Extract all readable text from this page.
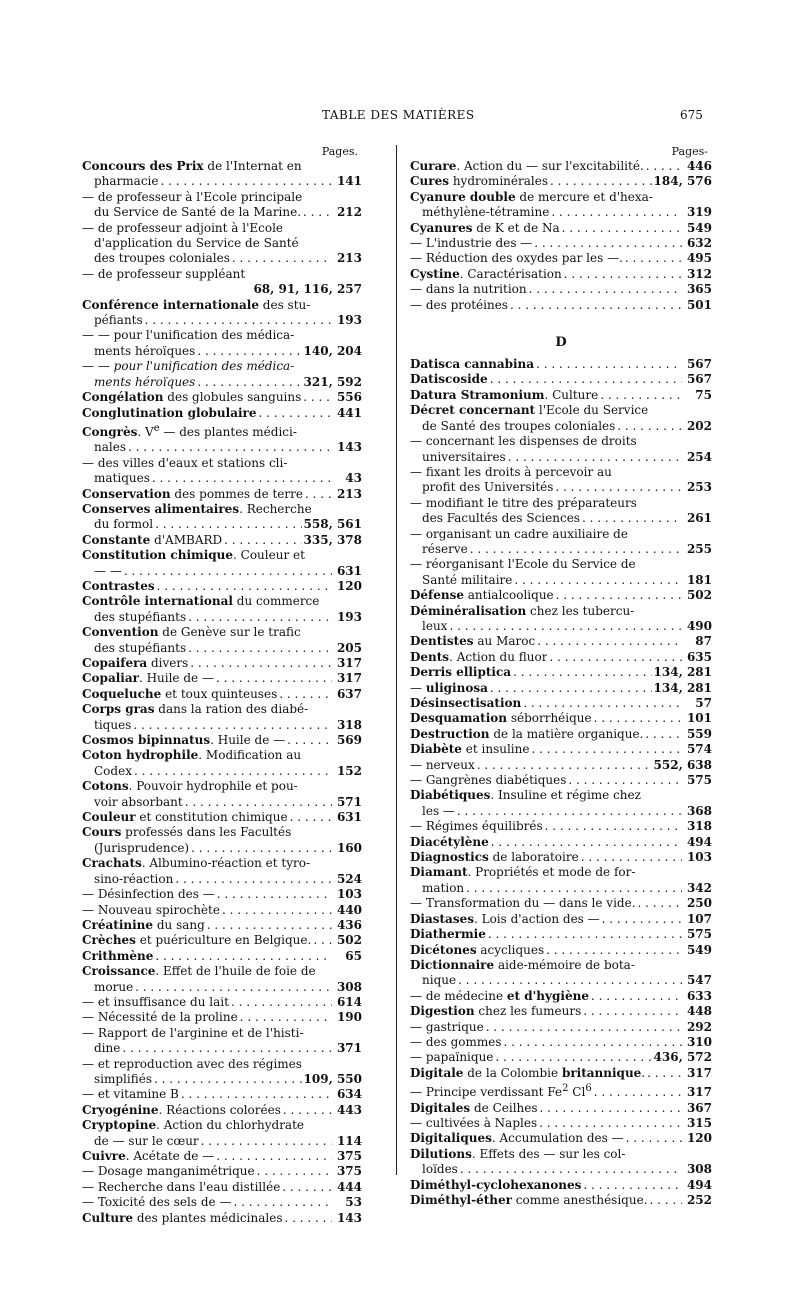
TABLE DES MATIÈRES	675
Pages.
Concours des Prix de l'Internat en
pharmacie . . .	141
— de professeur à l'Ecole principale
du Service de Santé de la Marine. . . .	212
— de professeur adjoint à l'Ecole
d'application du Service de Santé
des troupes coloniales . . .	213
— de professeur suppléant
68, 91, 116, 257
Conférence internationale des stu-
péfiants . . .	193
— — pour l'unification des médica-
ments héroïques . . .	140, 204
— — pour l'unification des médica-
ments héroïques . . .	321, 592
Congélation des globules sanguins . . .	556
Conglutination globulaire . . .	441
Congrès. Ve — des plantes médici-
nales . . .	143
— des villes d'eaux et stations cli-
matiques . . .	43
Conservation des pommes de terre . . .	213
Conserves alimentaires. Recherche
du formol . . .	558, 561
Constante d'AMBARD . . .	335, 378
Constitution chimique. Couleur et
— — . . .	631
Contrastes . . .	120
Contrôle international du commerce
des stupéfiants . . .	193
Convention de Genève sur le trafic
des stupéfiants . . .	205
Copaifera divers . . .	317
Copaliar. Huile de — . . .	317
Coqueluche et toux quinteuses . . .	637
Corps gras dans la ration des diabé-
tiques . . .	318
Cosmos bipinnatus. Huile de — . . .	569
Coton hydrophile. Modification au
Codex . . .	152
Cotons. Pouvoir hydrophile et pou-
voir absorbant . . .	571
Couleur et constitution chimique . . .	631
Cours professés dans les Facultés
(Jurisprudence) . . .	160
Crachats. Albumino-réaction et tyro-
sino-réaction . . .	524
— Désinfection des — . . .	103
— Nouveau spirochète . . .	440
Créatinine du sang . . .	436
Crèches et puériculture en Belgique. . . . 502
Crithmène . . .	65
Croissance. Effet de l'huile de foie de
morue . . .	308
— et insuffisance du lait . . .	614
— Nécessité de la proline . . .	190
— Rapport de l'arginine et de l'histi-
dine . . .	371
— et reproduction avec des régimes
simplifiés . . .	109, 550
— et vitamine B . . .	634
Cryogénine. Réactions colorées . . .	443
Cryptopine. Action du chlorhydrate
de — sur le cœur . . .	114
Cuivre. Acétate de — . . .	375
— Dosage manganimétrique . . .	375
— Recherche dans l'eau distillée . . .	444
— Toxicité des sels de — . . .	53
Culture des plantes médicinales . . .	143
Pages-
Curare. Action du — sur l'excitabilité. . . .	446
Cures hydrominérales . . .	184, 576
Cyanure double de mercure et d'hexa-
méthylène-tétramine . . .	319
Cyanures de K et de Na . . .	549
— L'industrie des — . . .	632
— Réduction des oxydes par les —. . . .	495
Cystine. Caractérisation . . .	312
— dans la nutrition . . .	365
— des protéines . . .	501
D
Datisca cannabina . . .	567
Datiscoside . . .	567
Datura Stramonium. Culture . . .	75
Décret concernant l'Ecole du Service
de Santé des troupes coloniales . . .	202
— concernant les dispenses de droits
universitaires . . .	254
— fixant les droits à percevoir au
profit des Universités . . .	253
— modifiant le titre des préparateurs
des Facultés des Sciences . . .	261
— organisant un cadre auxiliaire de
réserve . . .	255
— réorganisant l'Ecole du Service de
Santé militaire . . .	181
Défense antialcoolique . . .	502
Déminéralisation chez les tubercu-
leux . . .	490
Dentistes au Maroc . . .	87
Dents. Action du fluor . . .	635
Derris elliptica . . .	134, 281
— uliginosa . . .	134, 281
Désinsectisation . . .	57
Desquamation séborrhéique . . .	101
Destruction de la matière organique. . . .	559
Diabète et insuline . . .	574
— nerveux . . .	552, 638
— Gangrènes diabétiques . . .	575
Diabétiques. Insuline et régime chez
les — . . .	368
— Régimes équilibrés . . .	318
Diacétylène . . .	494
Diagnostics de laboratoire . . .	103
Diamant. Propriétés et mode de for-
mation . . .	342
— Transformation du — dans le vide. . . .	250
Diastases. Lois d'action des — . . .	107
Diathermie . . .	575
Dicétones acycliques . . .	549
Dictionnaire aide-mémoire de bota-
nique . . .	547
— de médecine et d'hygiène . . .	633
Digestion chez les fumeurs . . .	448
— gastrique . . .	292
— des gommes . . .	310
— papaïnique . . .	436, 572
Digitale de la Colombie britannique. . . .	317
— Principe verdissant Fe$^2$ Cl$^6$ . . .	317
Digitales de Ceilhes . . .	367
— cultivées à Naples . . .	315
Digitaliques. Accumulation des — . . .	120
Dilutions. Effets des — sur les col-
loïdes . . .	308
Diméthyl-cyclohexanones . . .	494
Diméthyl-éther comme anesthésique. . . .	252
